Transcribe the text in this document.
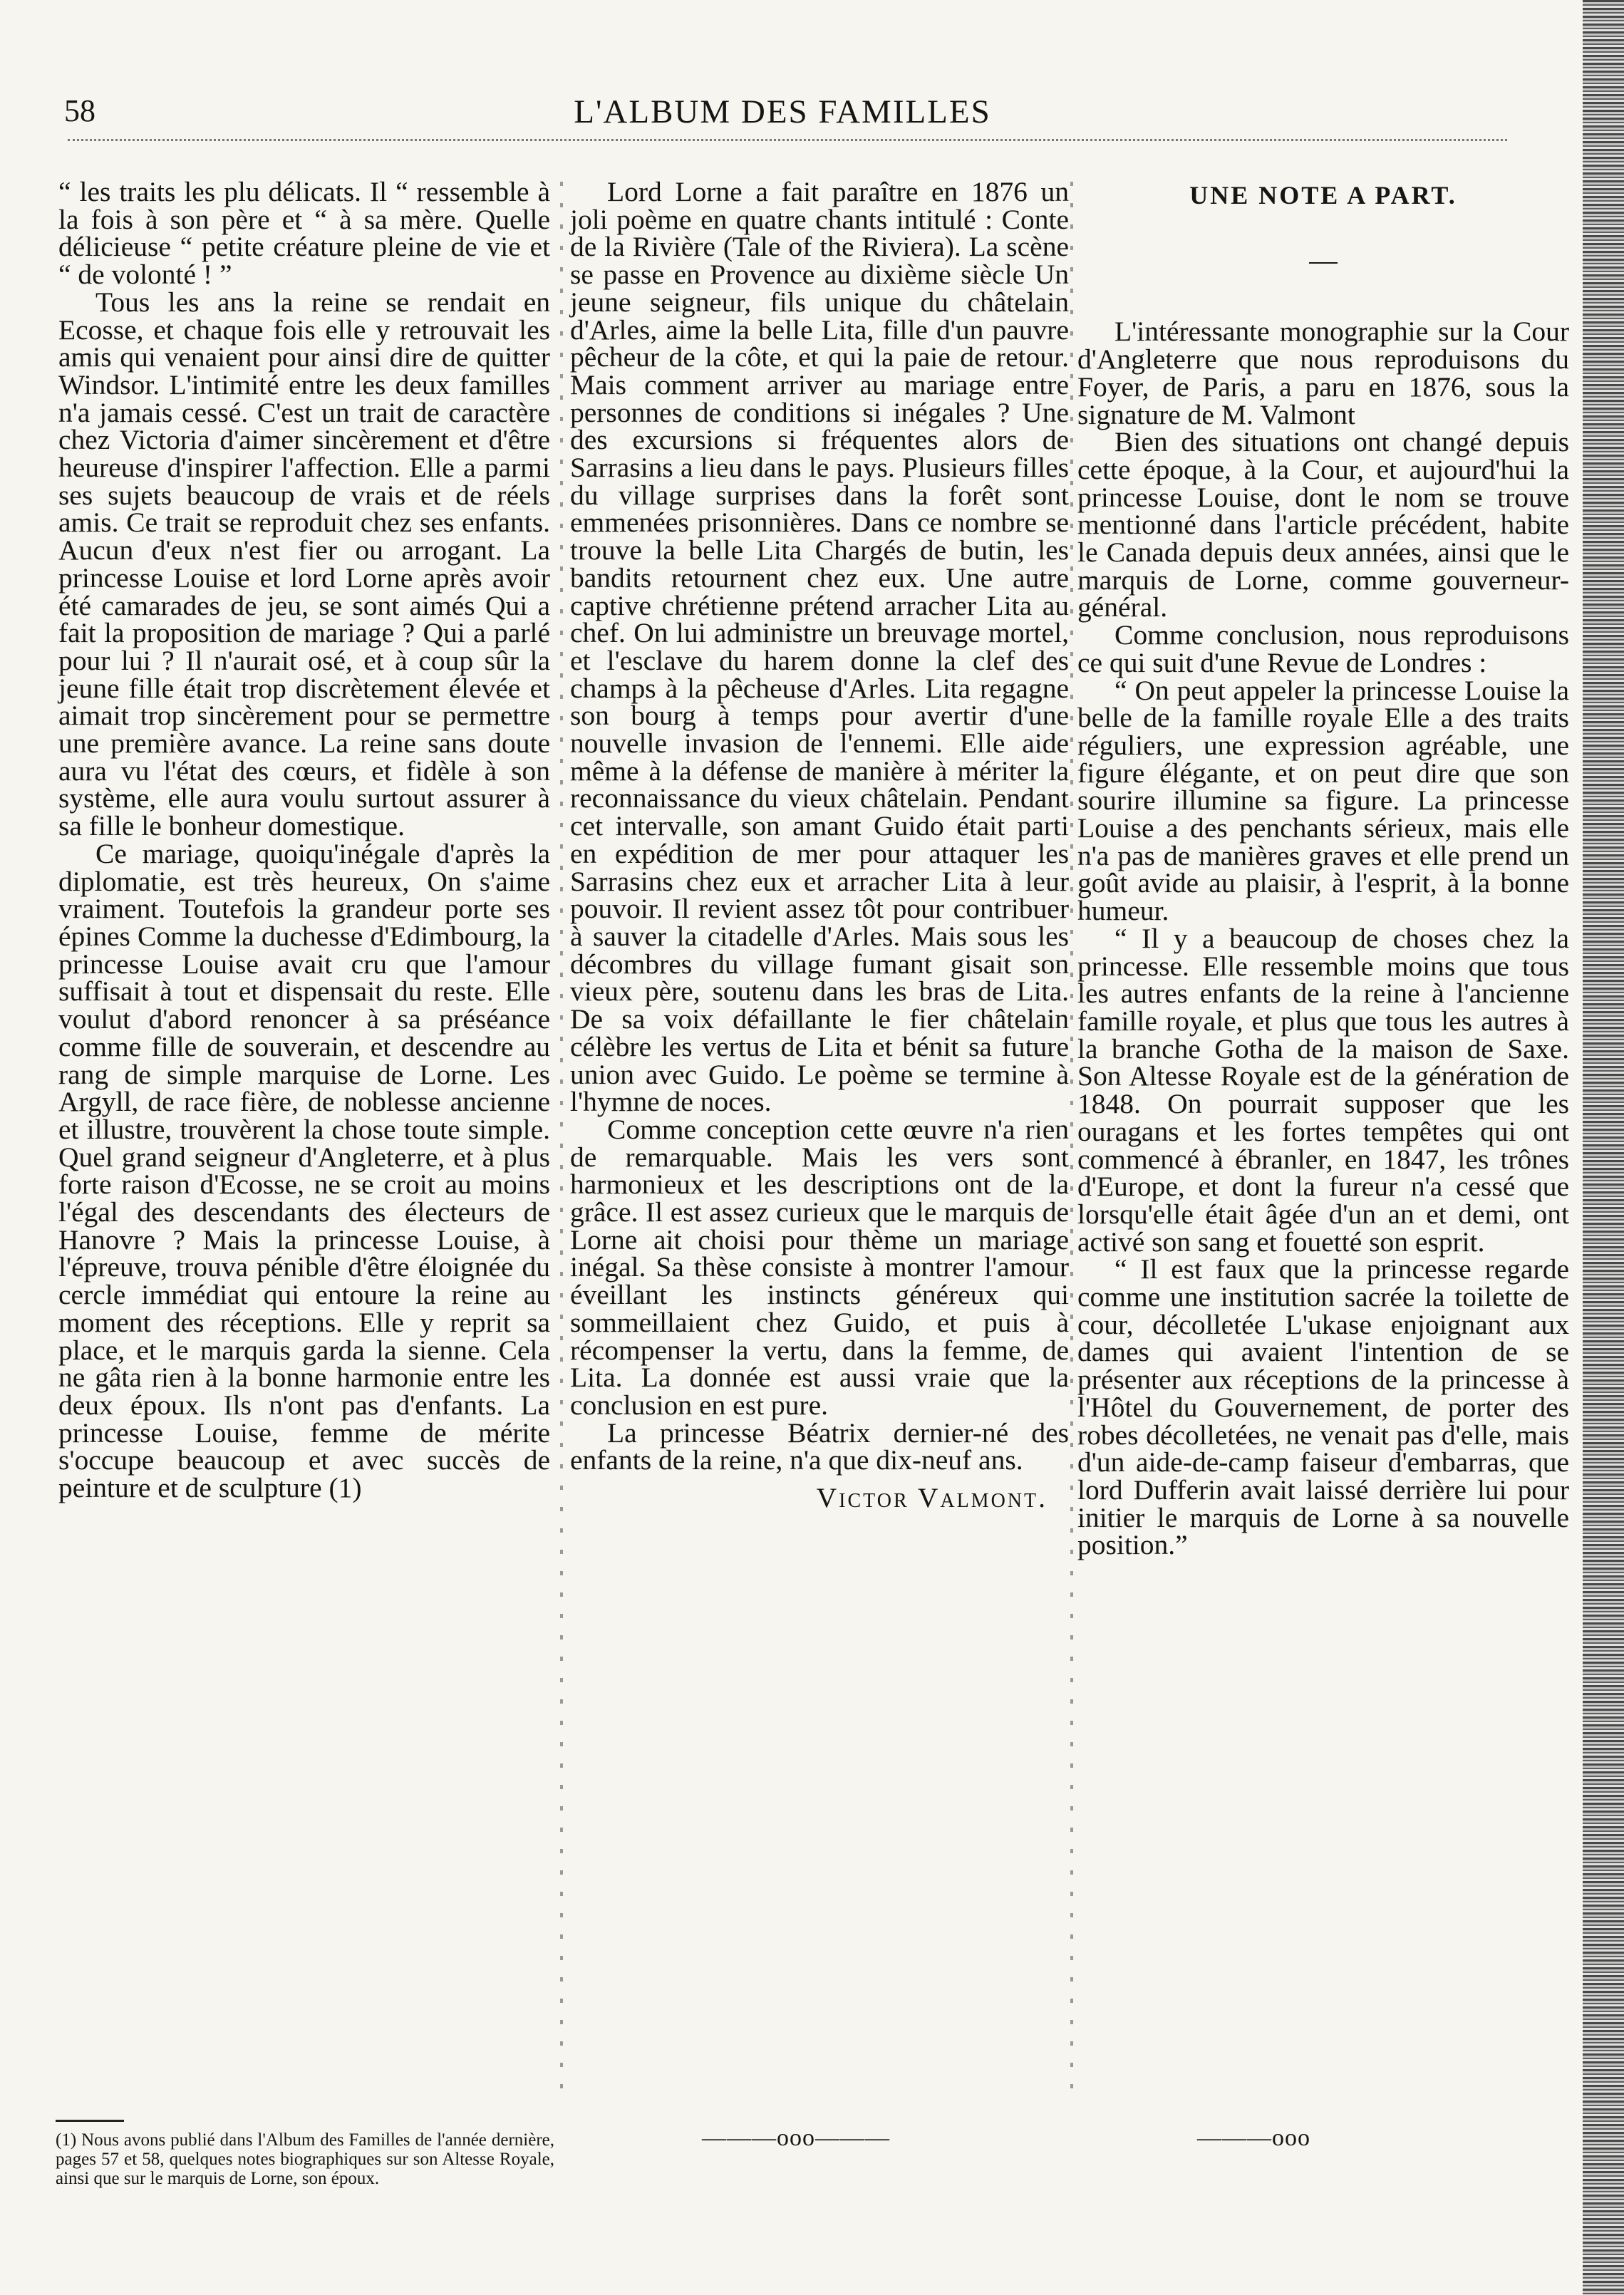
58	L'ALBUM DES FAMILLES

“ les traits les plu délicats. Il “ ressemble à la fois à son père et “ à sa mère. Quelle délicieuse “ petite créature pleine de vie et “ de volonté ! ”

Tous les ans la reine se rendait en Ecosse, et chaque fois elle y retrouvait les amis qui venaient pour ainsi dire de quitter Windsor. L'intimité entre les deux familles n'a jamais cessé. C'est un trait de caractère chez Victoria d'aimer sincèrement et d'être heureuse d'inspirer l'affection. Elle a parmi ses sujets beaucoup de vrais et de réels amis. Ce trait se reproduit chez ses enfants. Aucun d'eux n'est fier ou arrogant. La princesse Louise et lord Lorne après avoir été camarades de jeu, se sont aimés Qui a fait la proposition de mariage ? Qui a parlé pour lui ? Il n'aurait osé, et à coup sûr la jeune fille était trop discrètement élevée et aimait trop sincèrement pour se permettre une première avance. La reine sans doute aura vu l'état des cœurs, et fidèle à son système, elle aura voulu surtout assurer à sa fille le bonheur domestique.

Ce mariage, quoiqu'inégale d'après la diplomatie, est très heureux, On s'aime vraiment. Toutefois la grandeur porte ses épines Comme la duchesse d'Edimbourg, la princesse Louise avait cru que l'amour suffisait à tout et dispensait du reste. Elle voulut d'abord renoncer à sa préséance comme fille de souverain, et descendre au rang de simple marquise de Lorne. Les Argyll, de race fière, de noblesse ancienne et illustre, trouvèrent la chose toute simple. Quel grand seigneur d'Angleterre, et à plus forte raison d'Ecosse, ne se croit au moins l'égal des descendants des électeurs de Hanovre ? Mais la princesse Louise, à l'épreuve, trouva pénible d'être éloignée du cercle immédiat qui entoure la reine au moment des réceptions. Elle y reprit sa place, et le marquis garda la sienne. Cela ne gâta rien à la bonne harmonie entre les deux époux. Ils n'ont pas d'enfants. La princesse Louise, femme de mérite s'occupe beaucoup et avec succès de peinture et de sculpture (1)

Lord Lorne a fait paraître en 1876 un joli poème en quatre chants intitulé : Conte de la Rivière (Tale of the Riviera). La scène se passe en Provence au dixième siècle Un jeune seigneur, fils unique du châtelain d'Arles, aime la belle Lita, fille d'un pauvre pêcheur de la côte, et qui la paie de retour. Mais comment arriver au mariage entre personnes de conditions si inégales ? Une des excursions si fréquentes alors de Sarrasins a lieu dans le pays. Plusieurs filles du village surprises dans la forêt sont emmenées prisonnières. Dans ce nombre se trouve la belle Lita Chargés de butin, les bandits retournent chez eux. Une autre captive chrétienne prétend arracher Lita au chef. On lui administre un breuvage mortel, et l'esclave du harem donne la clef des champs à la pêcheuse d'Arles. Lita regagne son bourg à temps pour avertir d'une nouvelle invasion de l'ennemi. Elle aide même à la défense de manière à mériter la reconnaissance du vieux châtelain. Pendant cet intervalle, son amant Guido était parti en expédition de mer pour attaquer les Sarrasins chez eux et arracher Lita à leur pouvoir. Il revient assez tôt pour contribuer à sauver la citadelle d'Arles. Mais sous les décombres du village fumant gisait son vieux père, soutenu dans les bras de Lita. De sa voix défaillante le fier châtelain célèbre les vertus de Lita et bénit sa future union avec Guido. Le poème se termine à l'hymne de noces.

Comme conception cette œuvre n'a rien de remarquable. Mais les vers sont harmonieux et les descriptions ont de la grâce. Il est assez curieux que le marquis de Lorne ait choisi pour thème un mariage inégal. Sa thèse consiste à montrer l'amour éveillant les instincts généreux qui sommeillaient chez Guido, et puis à récompenser la vertu, dans la femme, de Lita. La donnée est aussi vraie que la conclusion en est pure.

La princesse Béatrix dernier-né des enfants de la reine, n'a que dix-neuf ans.

Victor Valmont.

UNE NOTE A PART.

—

L'intéressante monographie sur la Cour d'Angleterre que nous reproduisons du Foyer, de Paris, a paru en 1876, sous la signature de M. Valmont

Bien des situations ont changé depuis cette époque, à la Cour, et aujourd'hui la princesse Louise, dont le nom se trouve mentionné dans l'article précédent, habite le Canada depuis deux années, ainsi que le marquis de Lorne, comme gouverneur-général.

Comme conclusion, nous reproduisons ce qui suit d'une Revue de Londres :

“ On peut appeler la princesse Louise la belle de la famille royale Elle a des traits réguliers, une expression agréable, une figure élégante, et on peut dire que son sourire illumine sa figure. La princesse Louise a des penchants sérieux, mais elle n'a pas de manières graves et elle prend un goût avide au plaisir, à l'esprit, à la bonne humeur.

“ Il y a beaucoup de choses chez la princesse. Elle ressemble moins que tous les autres enfants de la reine à l'ancienne famille royale, et plus que tous les autres à la branche Gotha de la maison de Saxe. Son Altesse Royale est de la génération de 1848. On pourrait supposer que les ouragans et les fortes tempêtes qui ont commencé à ébranler, en 1847, les trônes d'Europe, et dont la fureur n'a cessé que lorsqu'elle était âgée d'un an et demi, ont activé son sang et fouetté son esprit.

“ Il est faux que la princesse regarde comme une institution sacrée la toilette de cour, décolletée L'ukase enjoignant aux dames qui avaient l'intention de se présenter aux réceptions de la princesse à l'Hôtel du Gouvernement, de porter des robes décolletées, ne venait pas d'elle, mais d'un aide-de-camp faiseur d'embarras, que lord Dufferin avait laissé derrière lui pour initier le marquis de Lorne à sa nouvelle position.”

(1) Nous avons publié dans l'Album des Familles de l'année dernière, pages 57 et 58, quelques notes biographiques sur son Altesse Royale, ainsi que sur le marquis de Lorne, son époux.

———ooo———	———ooo
